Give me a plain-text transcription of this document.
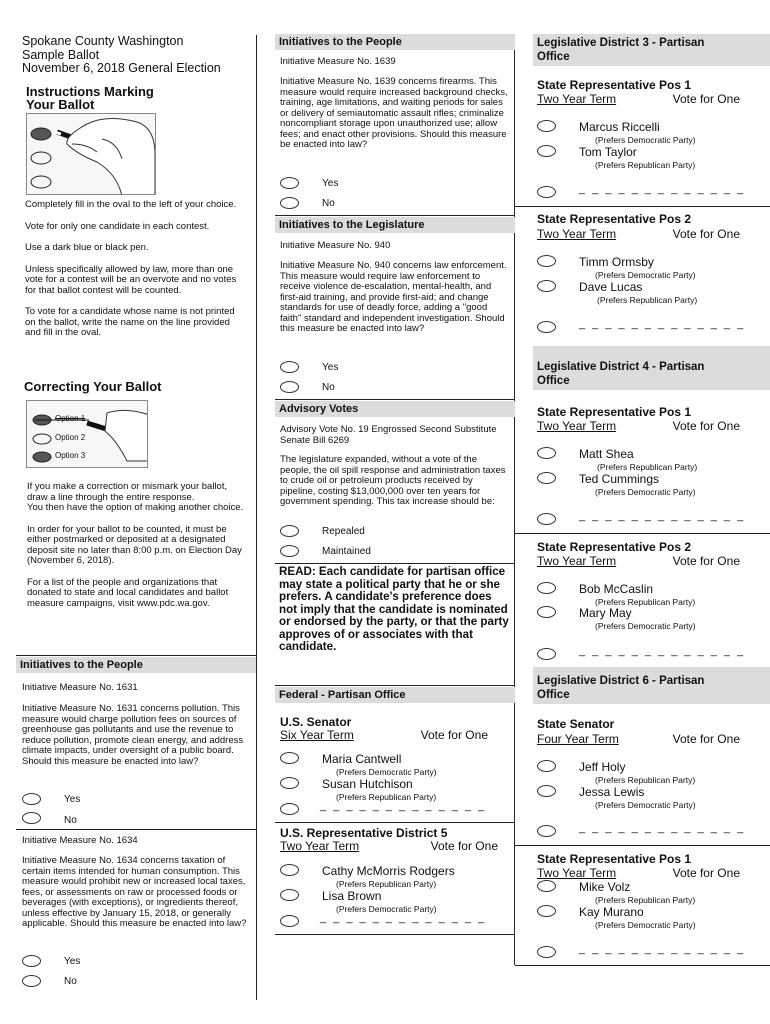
Spokane County Washington
Sample Ballot
November 6, 2018 General Election
Instructions Marking
Your Ballot

Completely fill in the oval to the left of your choice.

Vote for only one candidate in each contest.

Use a dark blue or black pen.

Unless specifically allowed by law, more than one vote for a contest will be an overvote and no votes for that ballot contest will be counted.

To vote for a candidate whose name is not printed on the ballot, write the name on the line provided and fill in the oval.

Correcting Your Ballot
Option 1
Option 2
Option 3

If you make a correction or mismark your ballot, draw a line through the entire response.

You then have the option of making another choice.

In order for your ballot to be counted, it must be either postmarked or deposited at a designated deposit site no later than 8:00 p.m. on Election Day (November 6, 2018).

For a list of the people and organizations that donated to state and local candidates and ballot measure campaigns, visit www.pdc.wa.gov.

Initiatives to the People
Initiative Measure No. 1631
Initiative Measure No. 1631 concerns pollution. This measure would charge pollution fees on sources of greenhouse gas pollutants and use the revenue to reduce pollution, promote clean energy, and address climate impacts, under oversight of a public board. Should this measure be enacted into law?
Yes
No
Initiative Measure No. 1634
Initiative Measure No. 1634 concerns taxation of certain items intended for human consumption. This measure would prohibit new or increased local taxes, fees, or assessments on raw or processed foods or beverages (with exceptions), or ingredients thereof, unless effective by January 15, 2018, or generally applicable. Should this measure be enacted into law?
Yes
No
Initiatives to the People
Initiative Measure No. 1639
Initiative Measure No. 1639 concerns firearms. This measure would require increased background checks, training, age limitations, and waiting periods for sales or delivery of semiautomatic assault rifles; criminalize noncompliant storage upon unauthorized use; allow fees; and enact other provisions. Should this measure be enacted into law?
Yes
No
Initiatives to the Legislature
Initiative Measure No. 940
Initiative Measure No. 940 concerns law enforcement. This measure would require law enforcement to receive violence de-escalation, mental-health, and first-aid training, and provide first-aid; and change standards for use of deadly force, adding a "good faith" standard and independent investigation. Should this measure be enacted into law?
Yes
No
Advisory Votes
Advisory Vote No. 19 Engrossed Second Substitute Senate Bill 6269
The legislature expanded, without a vote of the people, the oil spill response and administration taxes to crude oil or petroleum products received by pipeline, costing $13,000,000 over ten years for government spending. This tax increase should be:
Repealed
Maintained
READ: Each candidate for partisan office may state a political party that he or she prefers. A candidate's preference does not imply that the candidate is nominated or endorsed by the party, or that the party approves of or associates with that candidate.
Federal - Partisan Office
U.S. Senator
Six Year Term	Vote for One
Maria Cantwell
(Prefers Democratic Party)
Susan Hutchison
(Prefers Republican Party)
_ _ _ _ _ _ _ _ _ _ _ _ _
U.S. Representative District 5
Two Year Term	Vote for One
Cathy McMorris Rodgers
(Prefers Republican Party)
Lisa Brown
(Prefers Democratic Party)
_ _ _ _ _ _ _ _ _ _ _ _ _
Legislative District 3 - Partisan
Office
State Representative Pos 1
Two Year Term	Vote for One
Marcus Riccelli
(Prefers Democratic Party)
Tom Taylor
(Prefers Republican Party)
_ _ _ _ _ _ _ _ _ _ _ _ _
State Representative Pos 2
Two Year Term	Vote for One
Timm Ormsby
(Prefers Democratic Party)
Dave Lucas
(Prefers Republican Party)
_ _ _ _ _ _ _ _ _ _ _ _ _
Legislative District 4 - Partisan
Office
State Representative Pos 1
Two Year Term	Vote for One
Matt Shea
(Prefers Republican Party)
Ted Cummings
(Prefers Democratic Party)
_ _ _ _ _ _ _ _ _ _ _ _ _
State Representative Pos 2
Two Year Term	Vote for One
Bob McCaslin
(Prefers Republican Party)
Mary May
(Prefers Democratic Party)
_ _ _ _ _ _ _ _ _ _ _ _ _
Legislative District 6 - Partisan
Office
State Senator
Four Year Term	Vote for One
Jeff Holy
(Prefers Republican Party)
Jessa Lewis
(Prefers Democratic Party)
_ _ _ _ _ _ _ _ _ _ _ _ _
State Representative Pos 1
Two Year Term	Vote for One
Mike Volz
(Prefers Republican Party)
Kay Murano
(Prefers Democratic Party)
_ _ _ _ _ _ _ _ _ _ _ _ _
